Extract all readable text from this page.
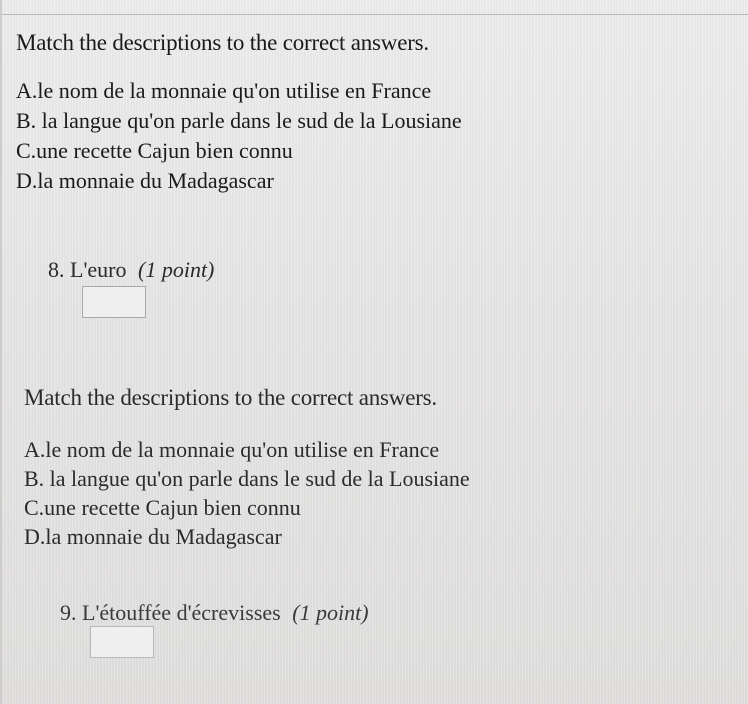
Match the descriptions to the correct answers.
A.le nom de la monnaie qu'on utilise en France
B. la langue qu'on parle dans le sud de la Lousiane
C.une recette Cajun bien connu
D.la monnaie du Madagascar
8. L'euro (1 point)
Match the descriptions to the correct answers.
A.le nom de la monnaie qu'on utilise en France
B. la langue qu'on parle dans le sud de la Lousiane
C.une recette Cajun bien connu
D.la monnaie du Madagascar
9. L'étouffée d'écrevisses (1 point)
